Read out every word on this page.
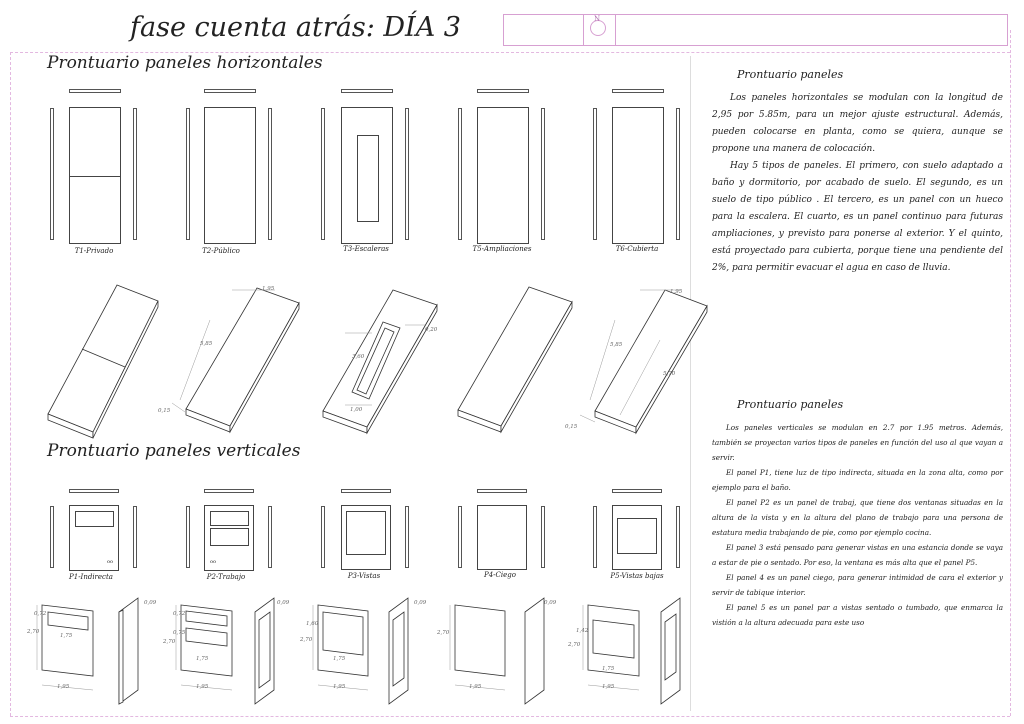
fase cuenta atrás: DÍA 3	N
Prontuario paneles horizontales
T1-Privado	T2-Público	T3-Escaleras	T5-Ampliaciones	T6-Cubierta
1,95
5,85
0,15
3,60
1,00
0,20
1,95
5,85
5,70
0,15
Prontuario paneles verticales
oo
P1-Indirecta
oo
P2-Trabajo	P3-Vistas	P4-Ciego	P5-Vistas bajas
0,72
1,75
2,70
1,95
0,09
0,72
0,75
2,70
1,75
1,95
0,09
1,60
2,70
1,75
1,95
0,09
2,70
1,95
0,09
1,42
2,70
1,75
1,95
Prontuario paneles

Los paneles horizontales se modulan con la longitud de 2,95 por 5.85m, para un mejor ajuste estructural. Además, pueden colocarse en planta, como se quiera, aunque se propone una manera de colocación.

Hay 5 tipos de paneles. El primero, con suelo adaptado a baño y dormitorio, por acabado de suelo. El segundo, es un suelo de tipo público . El tercero, es un panel con un hueco para la escalera. El cuarto, es un panel continuo para futuras ampliaciones, y previsto para ponerse al exterior. Y el quinto, está proyectado para cubierta, porque tiene una pendiente del 2%, para permitir evacuar el agua en caso de lluvia.

Prontuario paneles

Los paneles verticales se modulan en 2.7 por 1.95 metros. Además, también se proyectan varios tipos de paneles en función del uso al que vayan a servir.

El panel P1, tiene luz de tipo indirecta, situada en la zona alta, como por ejemplo para el baño.

El panel P2 es un panel de trabaj, que tiene dos ventanas situadas en la altura de la vista y en la altura del plano de trabajo para una persona de estatura media trabajando de pie, como por ejemplo cocina.

El panel 3 está pensado para generar vistas en una estancia donde se vaya a estar de pie o sentado. Por eso, la ventana es más alta que el panel P5.

El panel 4 es un panel ciego, para generar intimidad de cara el exterior y servir de tabique interior.

El panel 5 es un panel par a vistas sentado o tumbado, que enmarca la vistión a la altura adecuada para este uso
